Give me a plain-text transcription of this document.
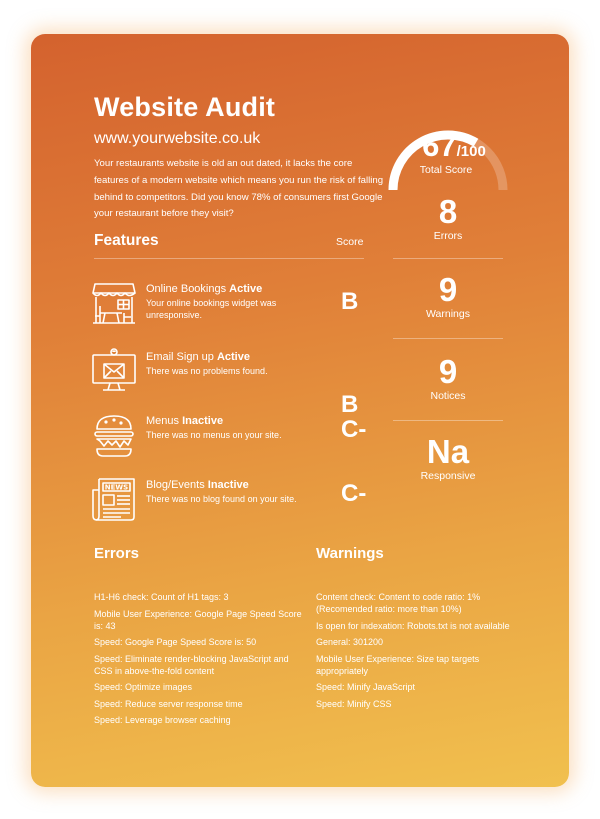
Website Audit
www.yourwebsite.co.uk
Your restaurants website is old an out dated, it lacks the core features of a modern website which means you run the risk of falling behind to competitors. Did you know 78% of consumers first Google your restaurant before they visit?
67/100
Total Score
8
Errors
9
Warnings
9
Notices
Na
Responsive
Features	Score
Online Bookings Active
Your online bookings widget was unresponsive.	B
Email Sign up Active
There was no problems found.
B
Menus Inactive
There was no menus on your site.	C-
NEWS Blog/Events Inactive
There was no blog found on your site.	C-
Errors
H1-H6 check: Count of H1 tags: 3
Mobile User Experience: Google Page Speed Score is: 43
Speed: Google Page Speed Score is: 50
Speed: Eliminate render-blocking JavaScript and CSS in above-the-fold content
Speed: Optimize images
Speed: Reduce server response time
Speed: Leverage browser caching
Warnings
Content check: Content to code ratio: 1% (Recomended ratio: more than 10%)
Is open for indexation: Robots.txt is not available
General: 301200
Mobile User Experience: Size tap targets appropriately
Speed: Minify JavaScript
Speed: Minify CSS
